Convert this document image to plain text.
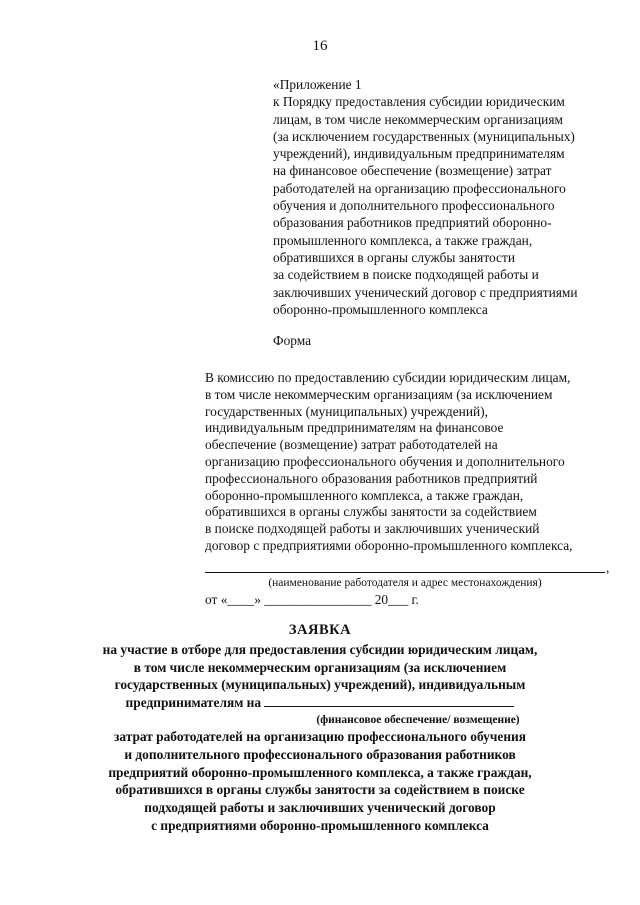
16
«Приложение 1
к Порядку предоставления субсидии юридическим
лицам, в том числе некоммерческим организациям
(за исключением государственных (муниципальных)
учреждений), индивидуальным предпринимателям
на финансовое обеспечение (возмещение) затрат
работодателей на организацию профессионального
обучения и дополнительного профессионального
образования работников предприятий оборонно-
промышленного комплекса, а также граждан,
обратившихся в органы службы занятости
за содействием в поиске подходящей работы и
заключивших ученический договор с предприятиями
оборонно-промышленного комплекса
Форма
В комиссию по предоставлению субсидии юридическим лицам,
в том числе некоммерческим организациям (за исключением
государственных (муниципальных) учреждений),
индивидуальным предпринимателям на финансовое
обеспечение (возмещение) затрат работодателей на
организацию профессионального обучения и дополнительного
профессионального образования работников предприятий
оборонно-промышленного комплекса, а также граждан,
обратившихся в органы службы занятости за содействием
в поиске подходящей работы и заключивших ученический
договор с предприятиями оборонно-промышленного комплекса,
,
(наименование работодателя и адрес местонахождения)
от «____» ________________ 20___ г.
ЗАЯВКА
на участие в отборе для предоставления субсидии юридическим лицам,
в том числе некоммерческим организациям (за исключением
государственных (муниципальных) учреждений), индивидуальным
предпринимателям на
(финансовое обеспечение/ возмещение)
затрат работодателей на организацию профессионального обучения
и дополнительного профессионального образования работников
предприятий оборонно-промышленного комплекса, а также граждан,
обратившихся в органы службы занятости за содействием в поиске
подходящей работы и заключивших ученический договор
с предприятиями оборонно-промышленного комплекса
